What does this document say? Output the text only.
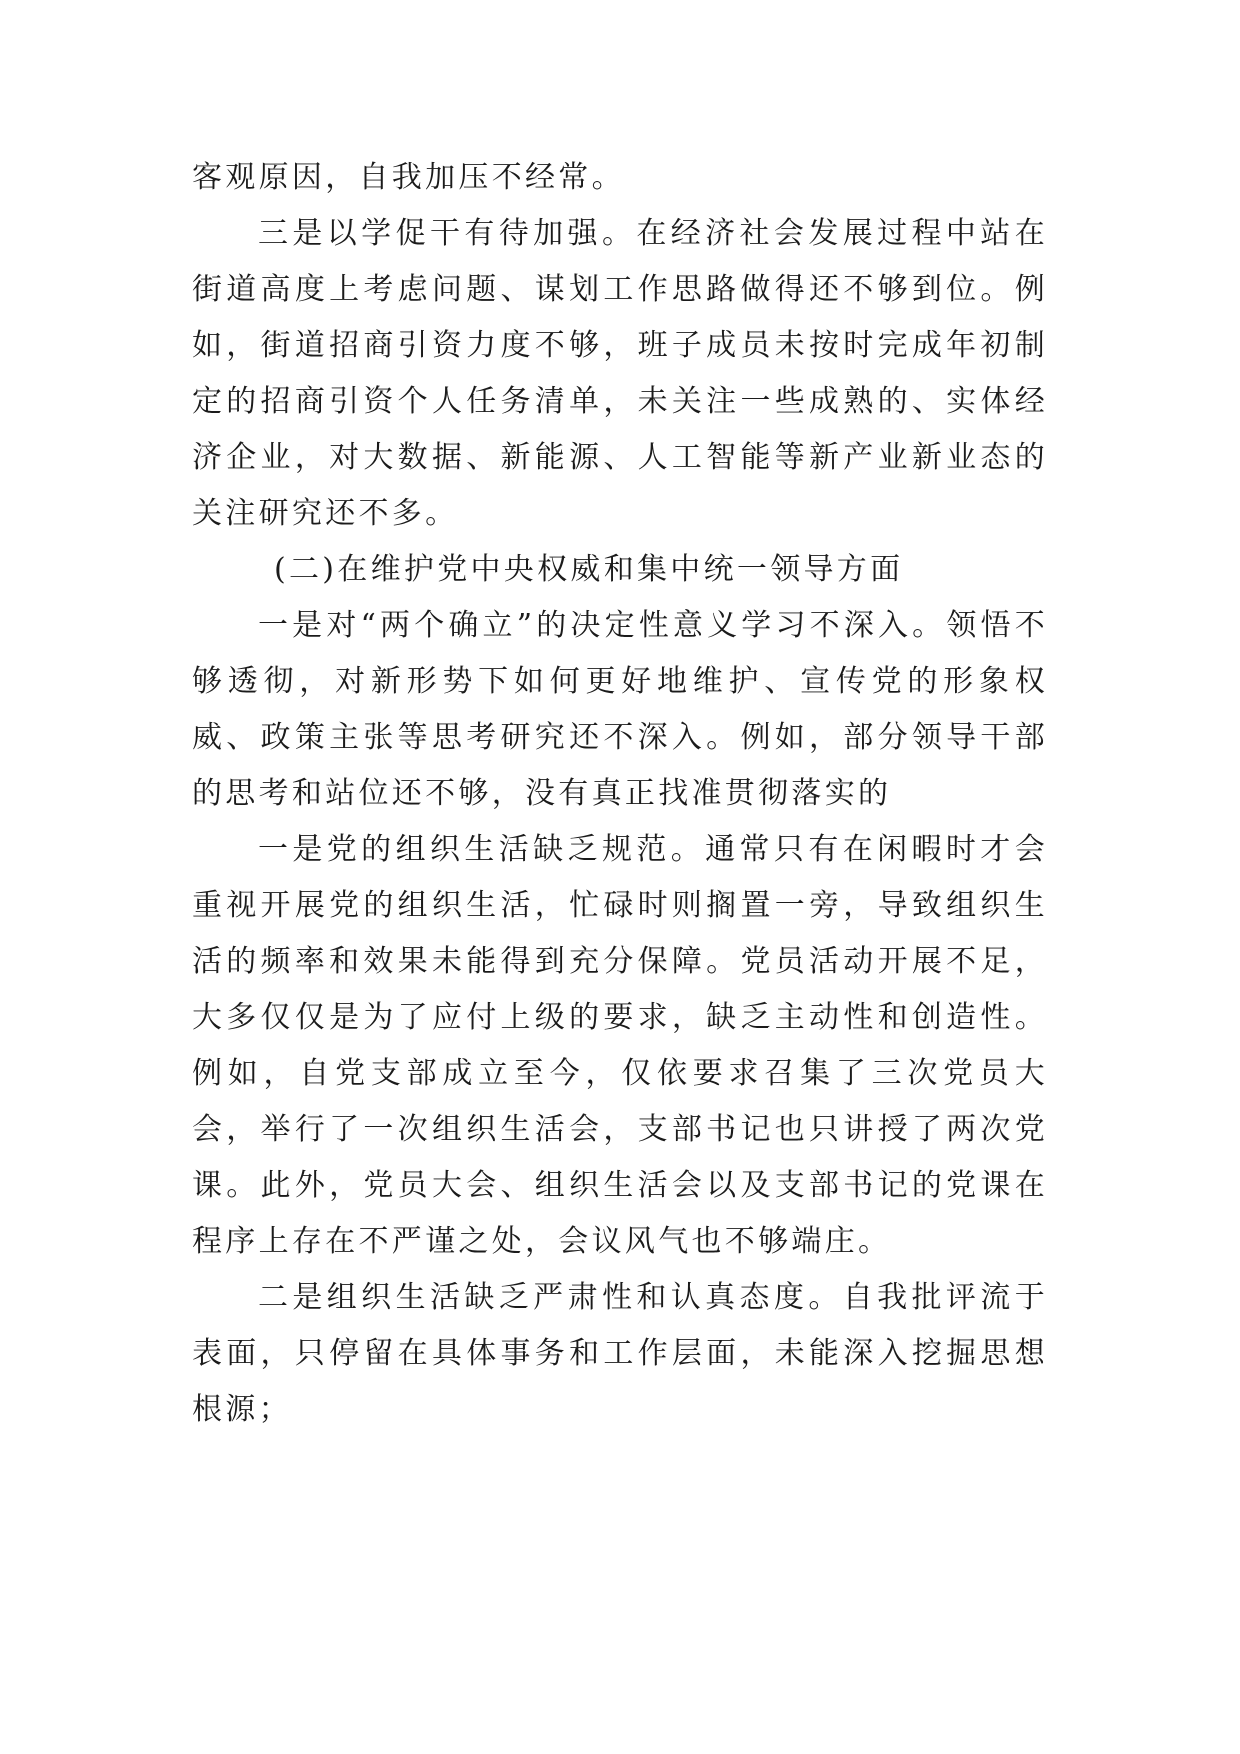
客观原因，自我加压不经常。

三是以学促干有待加强。在经济社会发展过程中站在街道高度上考虑问题、谋划工作思路做得还不够到位。例如，街道招商引资力度不够，班子成员未按时完成年初制定的招商引资个人任务清单，未关注一些成熟的、实体经济企业，对大数据、新能源、人工智能等新产业新业态的关注研究还不多。

(二)在维护党中央权威和集中统一领导方面

一是对“两个确立”的决定性意义学习不深入。领悟不够透彻，对新形势下如何更好地维护、宣传党的形象权威、政策主张等思考研究还不深入。例如，部分领导干部的思考和站位还不够，没有真正找准贯彻落实的

一是党的组织生活缺乏规范。通常只有在闲暇时才会重视开展党的组织生活，忙碌时则搁置一旁，导致组织生活的频率和效果未能得到充分保障。党员活动开展不足，大多仅仅是为了应付上级的要求，缺乏主动性和创造性。例如，自党支部成立至今，仅依要求召集了三次党员大会，举行了一次组织生活会，支部书记也只讲授了两次党课。此外，党员大会、组织生活会以及支部书记的党课在程序上存在不严谨之处，会议风气也不够端庄。

二是组织生活缺乏严肃性和认真态度。自我批评流于表面，只停留在具体事务和工作层面，未能深入挖掘思想根源；
